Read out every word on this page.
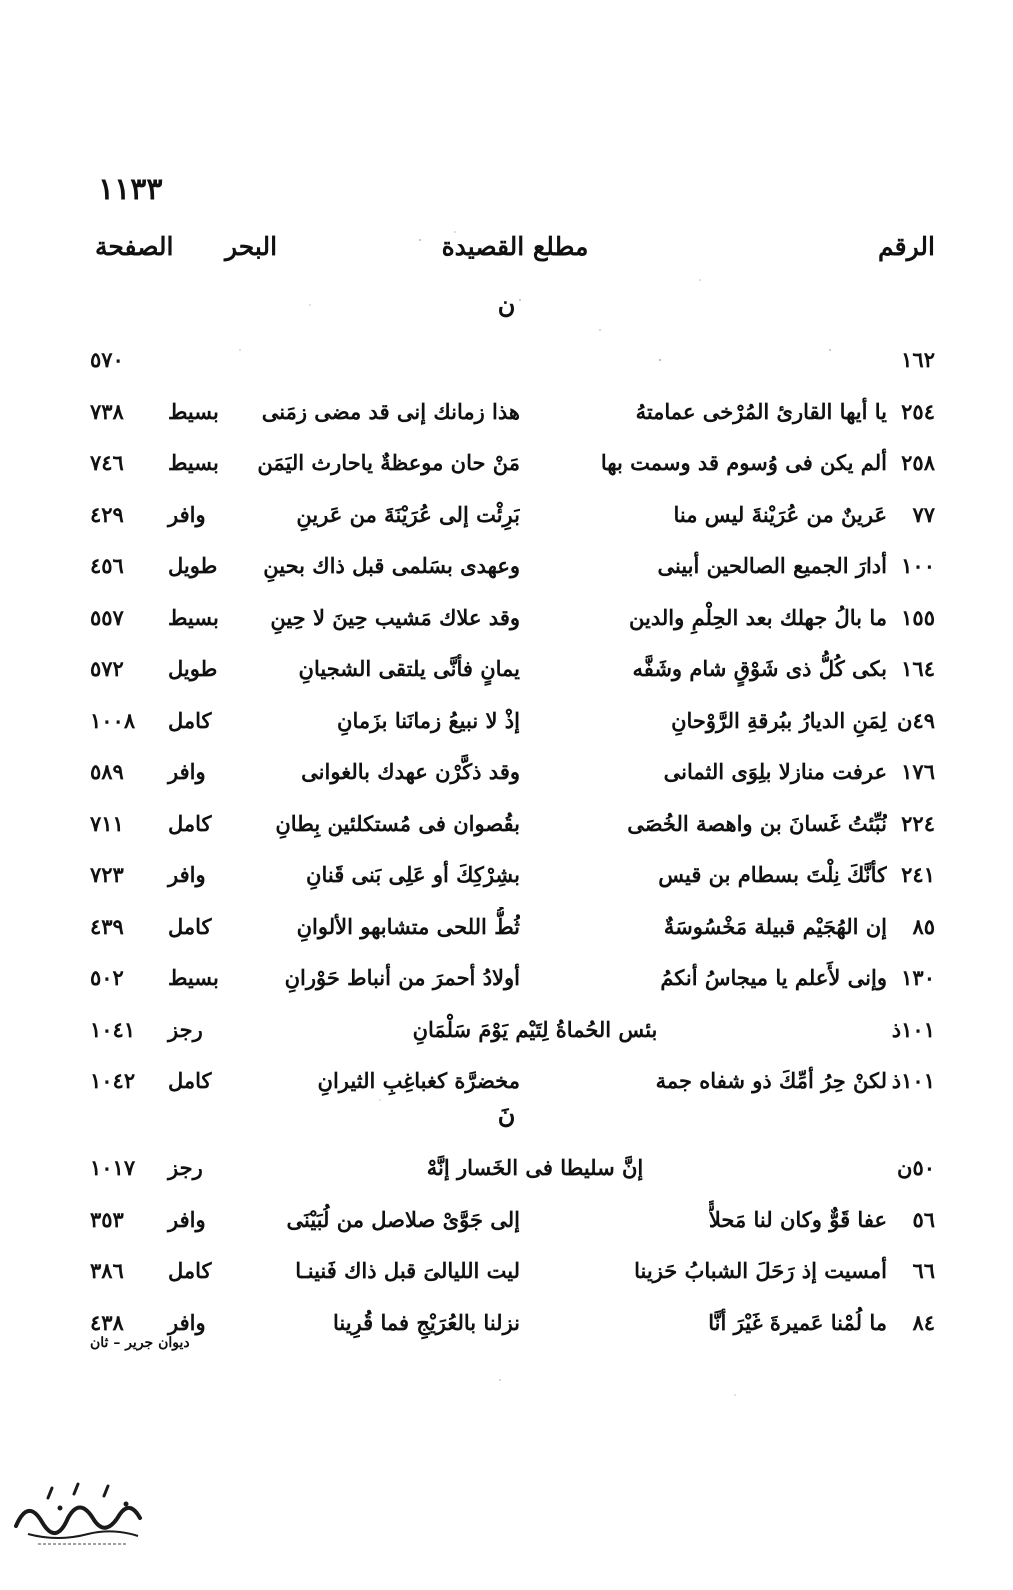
١١٣٣
الرقم
مطلع القصيدة
البحر
الصفحة
ن
١٦٢
٥٧٠
٢٥٤
يا أيها القارئ المُرْخى عمامتهُ
هذا زمانك إنى قد مضى زمَنى
بسيط
٧٣٨
٢٥٨
ألم يكن فى وُسوم قد وسمت بها
مَنْ حان موعظةٌ ياحارث اليَمَن
بسيط
٧٤٦
٧٧
عَرينٌ من عُرَيْنةَ ليس منا
بَرِئْت إلى عُرَيْنَةَ من عَرينِ
وافر
٤٢٩
١٠٠
أدارَ الجميع الصالحين أبينى
وعهدى بسَلمى قبل ذاك بحينِ
طويل
٤٥٦
١٥٥
ما بالُ جهلك بعد الحِلْمِ والدين
وقد علاك مَشيب حِينَ لا حِينِ
بسيط
٥٥٧
١٦٤
بكى كُلُّ ذى شَوْقٍ شام وشَفَّه
يمانٍ فأنَّى يلتقى الشجيانِ
طويل
٥٧٢
٤٩ن
لِمَنِ الديارُ ببُرقةِ الرَّوْحانِ
إذْ لا نبيعُ زمانَنا بزَمانِ
كامل
١٠٠٨
١٧٦
عرفت منازلا بلِوَى الثمانى
وقد ذكَّرْن عهدك بالغوانى
وافر
٥٨٩
٢٢٤
نُبِّئتُ غَسانَ بن واهصة الخُصَى
بقُصوان فى مُستكلئين بِطانِ
كامل
٧١١
٢٤١
كأنَّكَ نِلْتَ بسطام بن قيس
بشِرْكِكَ أو عَلِى بَنى قَنانِ
وافر
٧٢٣
٨٥
إن الهُجَيْم قبيلة مَخْسُوسَةٌ
ثُطُّ اللحى متشابهو الألوانِ
كامل
٤٣٩
١٣٠
وإنى لأَعلم يا ميجاسُ أنكمُ
أولادُ أحمرَ من أنباط حَوْرانِ
بسيط
٥٠٢
١٠١ذ
بئس الحُماةُ لِتَيْم يَوْمَ سَلْمَانِ
رجز
١٠٤١
١٠١ذ
لكنْ حِرُ أمِّكَ ذو شفاه جمة
مخضرَّة كغباغِبِ الثيرانِ
كامل
١٠٤٢
نَ
٥٠ن
إنَّ سليطا فى الخَسار إنَّهْ
رجز
١٠١٧
٥٦
عفا قَوٌّ وكان لنا مَحلاًّ
إلى جَوَّىْ صلاصل من لُبَيْنَى
وافر
٣٥٣
٦٦
أمسيت إذ رَحَلَ الشبابُ حَزينا
ليت الليالىَ قبل ذاك فَنينـا
كامل
٣٨٦
٨٤
ما لُمْنا عَميرةَ غَيْرَ أنَّا
نزلنا بالعُرَيْجِ فما قُرِينا
وافر
٤٣٨
ديوان جرير – ثان
